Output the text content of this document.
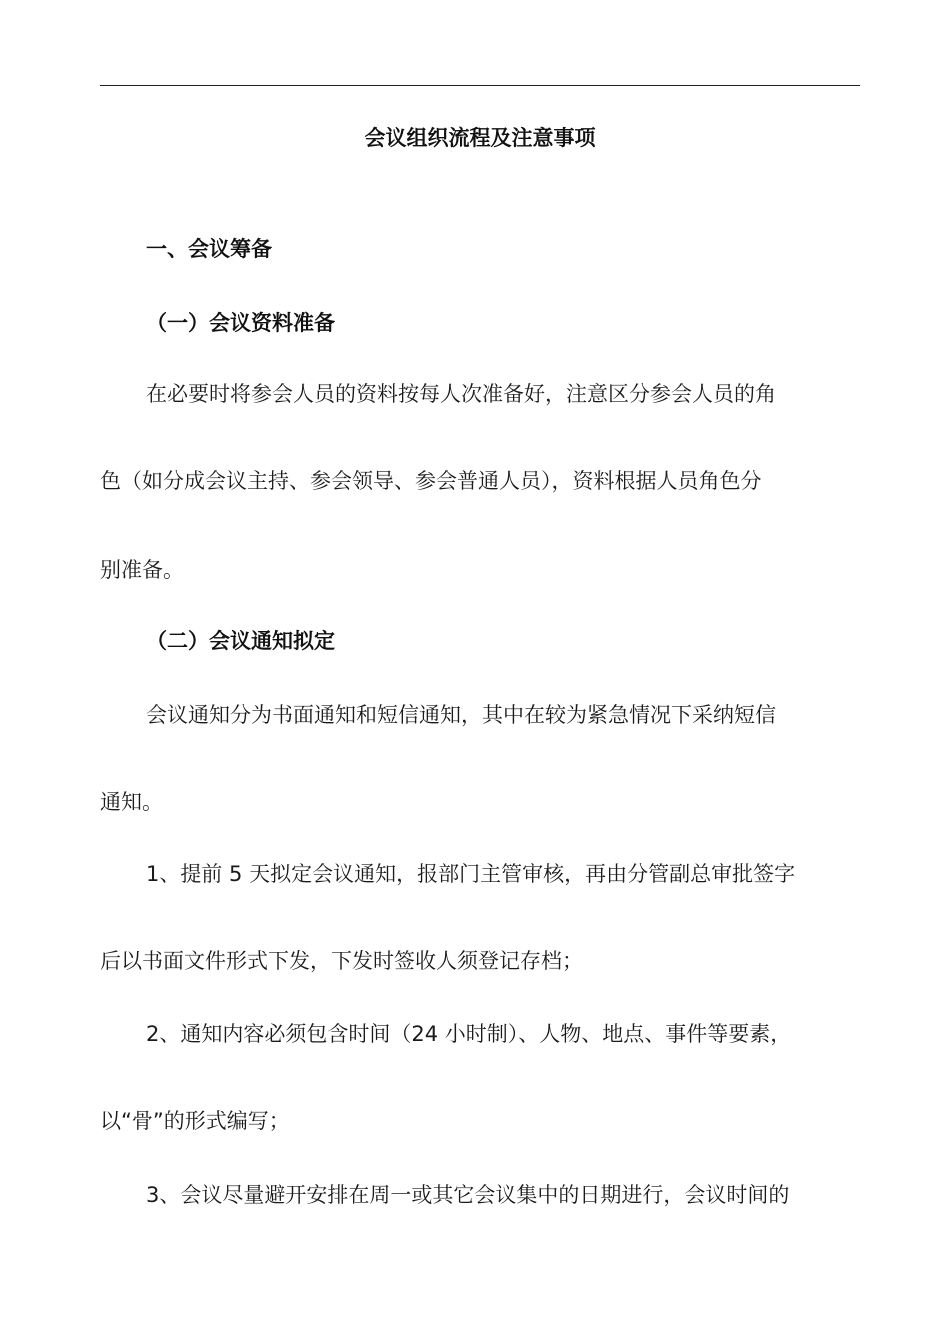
会议组织流程及注意事项

一、会议筹备

（一）会议资料准备

在必要时将参会人员的资料按每人次准备好，注意区分参会人员的角

色（如分成会议主持、参会领导、参会普通人员），资料根据人员角色分

别准备。

（二）会议通知拟定

会议通知分为书面通知和短信通知，其中在较为紧急情况下采纳短信

通知。

1、提前 5 天拟定会议通知，报部门主管审核，再由分管副总审批签字

后以书面文件形式下发，下发时签收人须登记存档；

2、通知内容必须包含时间（24 小时制）、人物、地点、事件等要素，

以“骨”的形式编写；

3、会议尽量避开安排在周一或其它会议集中的日期进行，会议时间的
